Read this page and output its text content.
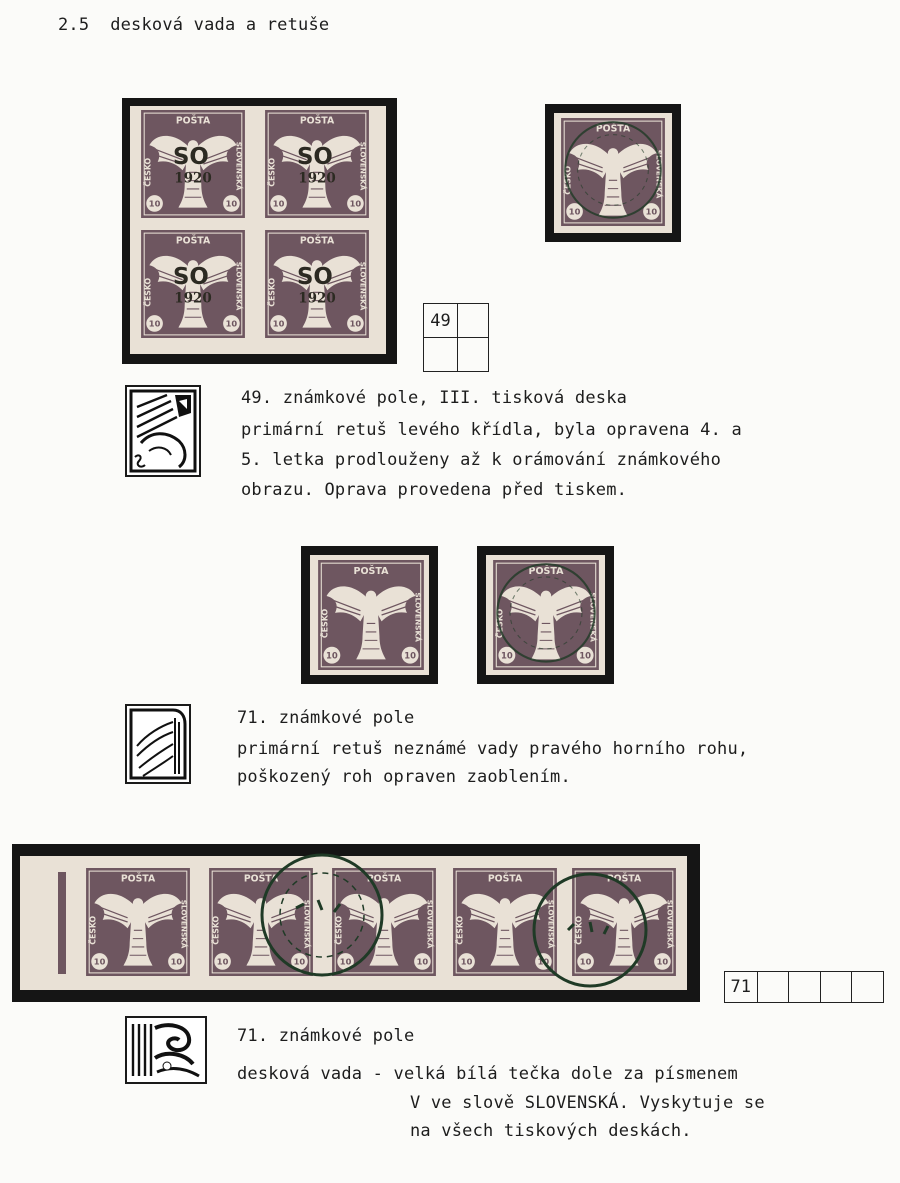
2.5 desková vada a retuše
10	10
POŠTA
ČESKO	SLOVENSKÁ
SO
1920
10	10
POŠTA
ČESKO	SLOVENSKÁ
SO
1920
10	10
POŠTA
ČESKO	SLOVENSKÁ
SO
1920
10	10
POŠTA
ČESKO	SLOVENSKÁ
SO
1920
10	10
POŠTA
ČESKO	SLOVENSKÁ
49	

49. známkové pole, III. tisková deska
primární retuš levého křídla, byla opravena 4. a
5. letka prodlouženy až k orámování známkového
obrazu. Oprava provedena před tiskem.
10	10
POŠTA
ČESKO	SLOVENSKÁ
10	10
POŠTA
ČESKO	SLOVENSKÁ
71. známkové pole
primární retuš neznámé vady pravého horního rohu,
poškozený roh opraven zaoblením.
10	10
POŠTA
ČESKO	SLOVENSKÁ
10	10
POŠTA
ČESKO	SLOVENSKÁ
10	10
POŠTA
ČESKO	SLOVENSKÁ
10	10
POŠTA
ČESKO	SLOVENSKÁ
10	10
POŠTA
ČESKO	SLOVENSKÁ
71				
71. známkové pole
desková vada - velká bílá tečka dole za písmenem
V ve slově SLOVENSKÁ. Vyskytuje se
na všech tiskových deskách.
